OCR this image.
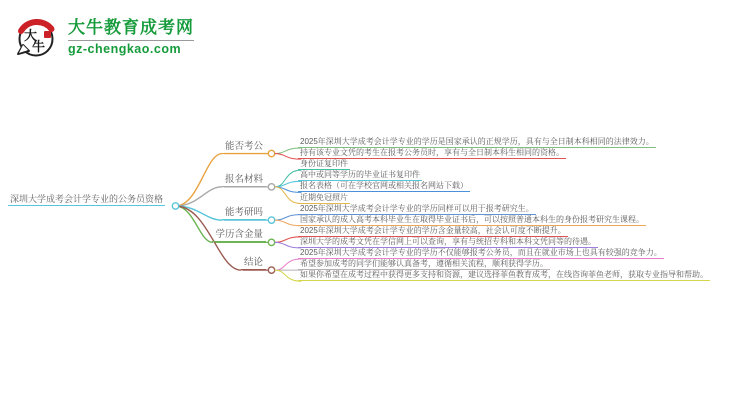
大
牛
大牛教育成考网
gz-chengkao.com
深圳大学成考会计学专业的公务员资格
能否考公	2025年深圳大学成考会计学专业的学历是国家承认的正规学历，具有与全日制本科相同的法律效力。
持有该专业文凭的考生在报考公务员时，享有与全日制本科生相同的资格。
报名材料
身份证复印件
高中或同等学历的毕业证书复印件
报名表格（可在学校官网或相关报名网站下载）
近期免冠照片
能考研吗	2025年深圳大学成考会计学专业的学历同样可以用于报考研究生。
国家承认的成人高考本科毕业生在取得毕业证书后，可以按照普通本科生的身份报考研究生课程。
学历含金量	2025年深圳大学成考会计学专业的学历含金量较高，社会认可度不断提升。
深圳大学的成考文凭在学信网上可以查询，享有与统招专科和本科文凭同等的待遇。
结论
2025年深圳大学成考会计学专业的学历不仅能够报考公务员，而且在就业市场上也具有较强的竞争力。
希望参加成考的同学们能够认真备考，遵循相关流程，顺利获得学历。
如果你希望在成考过程中获得更多支持和资源，建议选择菲鱼教育成考，在线咨询菲鱼老师，获取专业指导和帮助。
